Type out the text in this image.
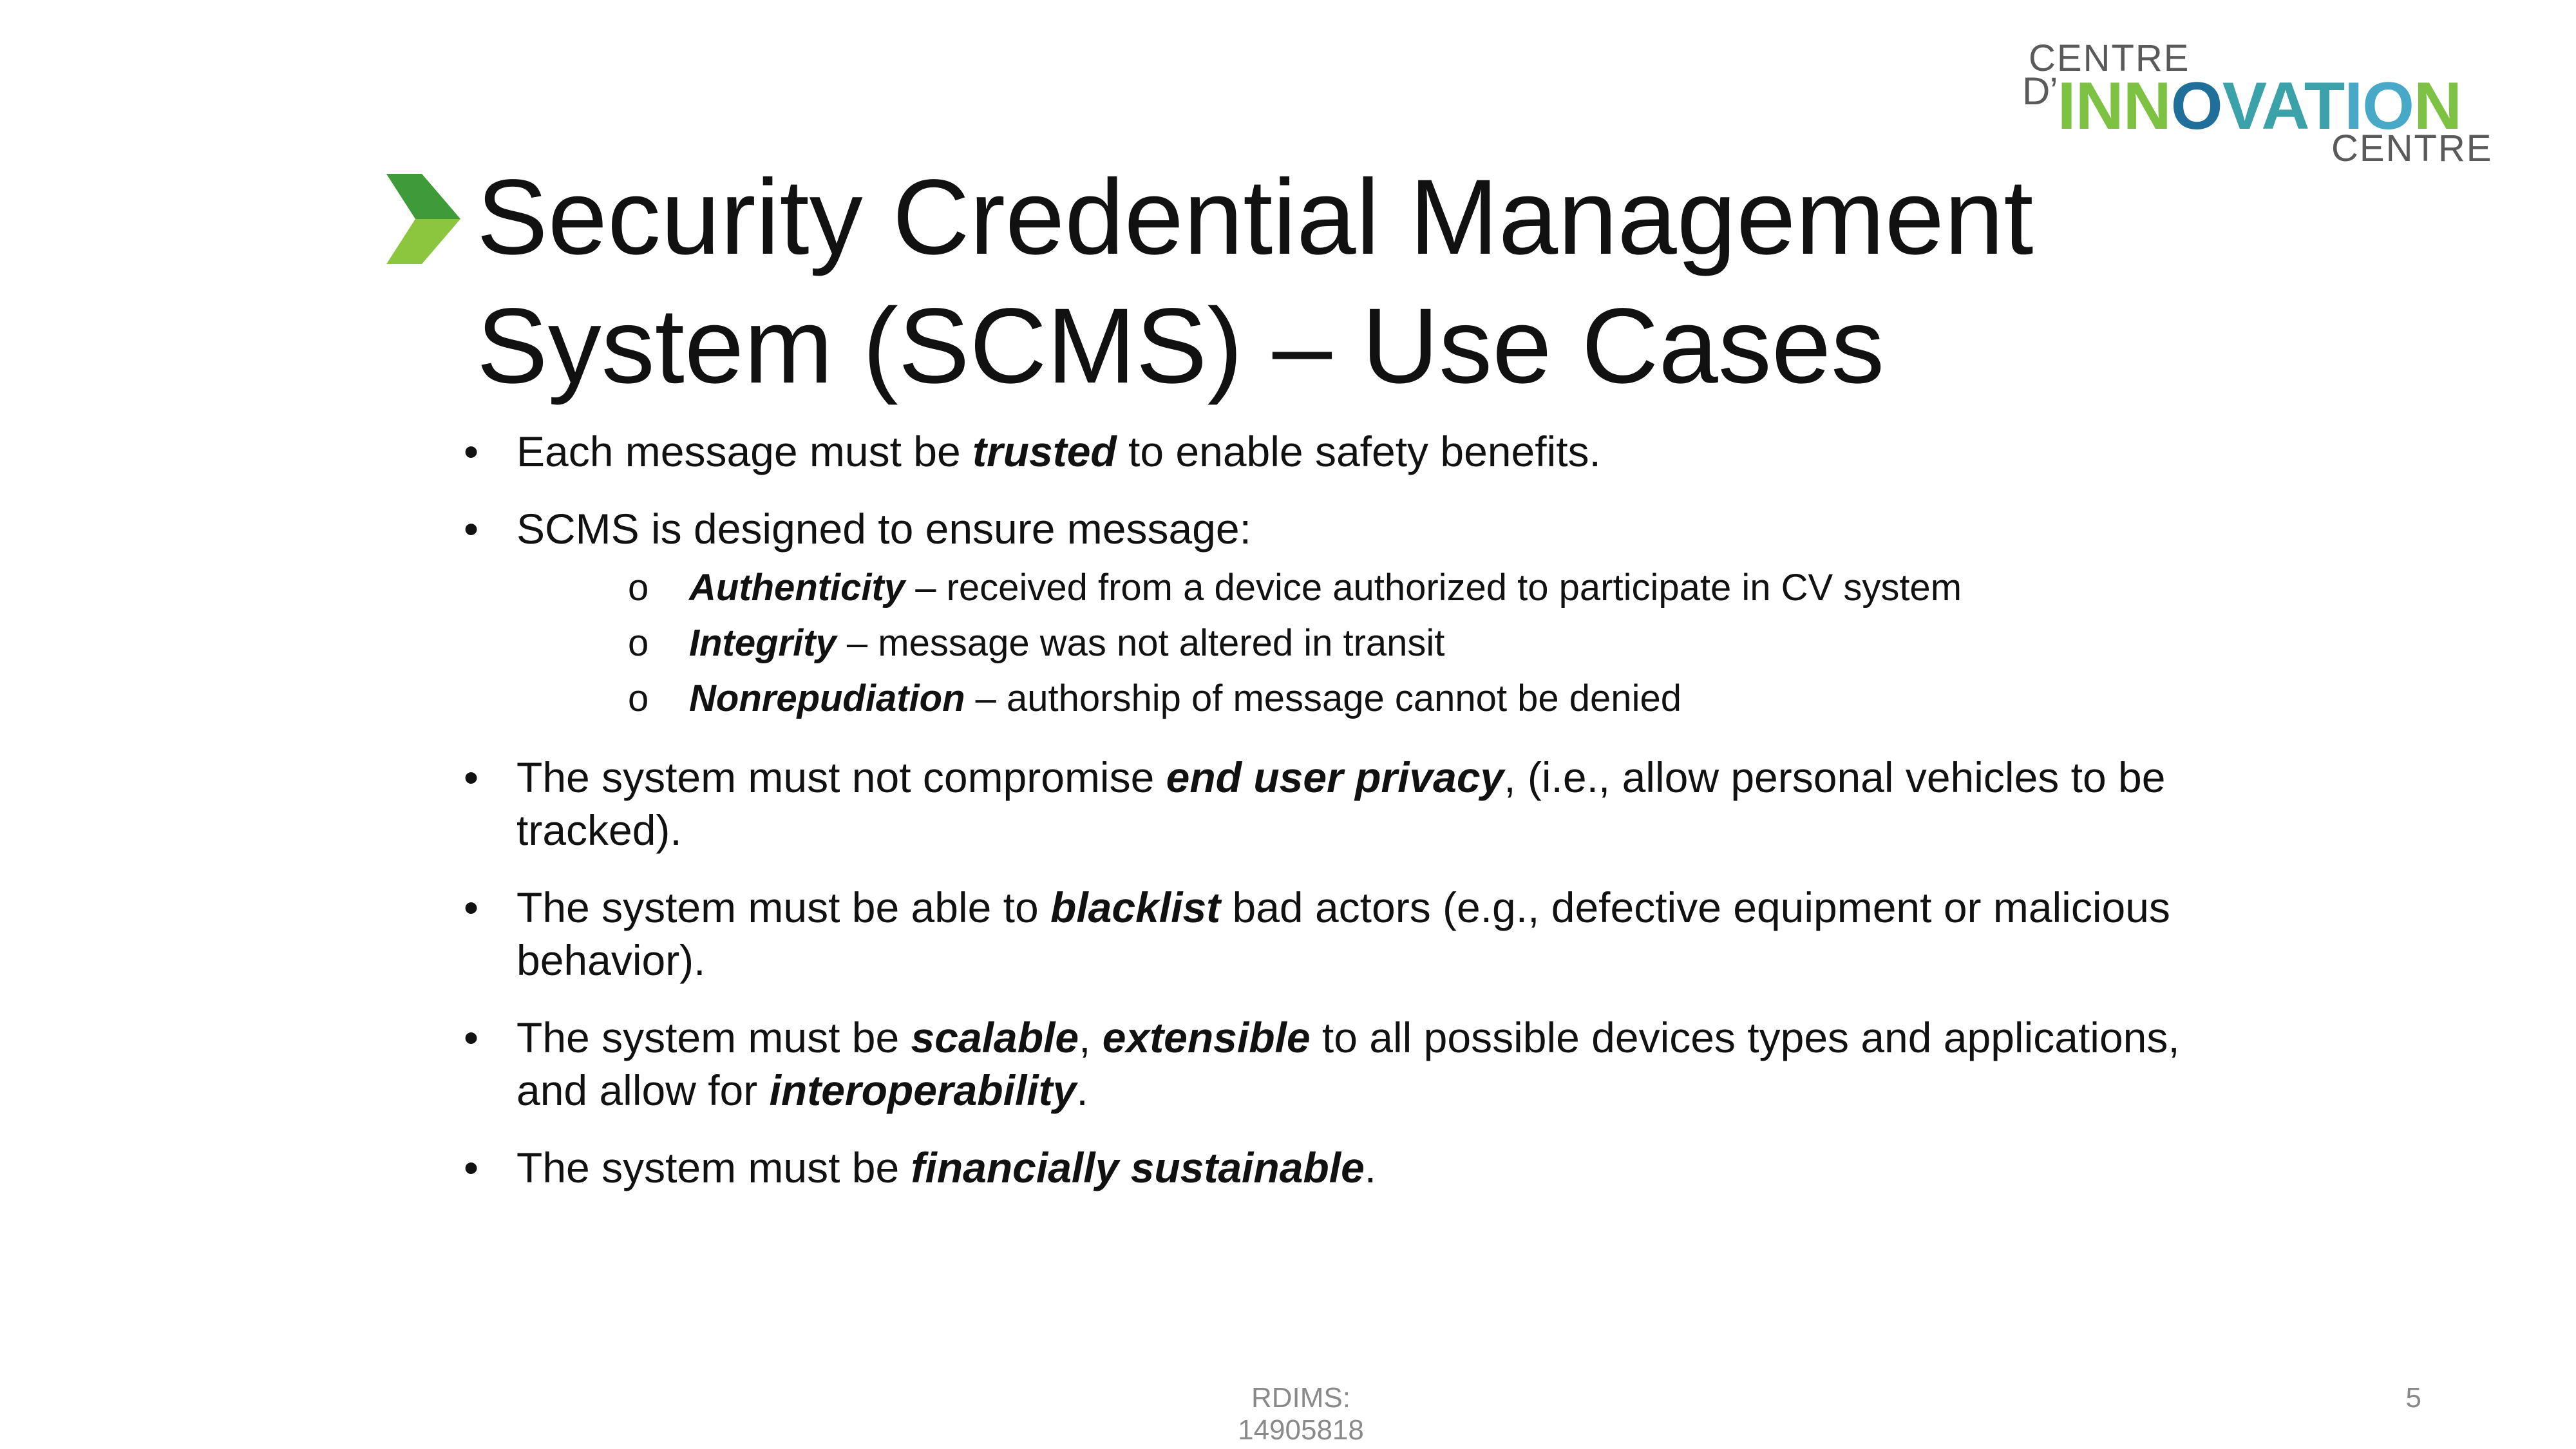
CENTRE
$^{D’}$INNOVATION
CENTRE
Security Credential Management
System (SCMS) – Use Cases
• Each message must be trusted to enable safety benefits.
• SCMS is designed to ensure message:
o Authenticity – received from a device authorized to participate in CV system
o Integrity – message was not altered in transit
o Nonrepudiation – authorship of message cannot be denied
• The system must not compromise end user privacy, (i.e., allow personal vehicles to be tracked).
• The system must be able to blacklist bad actors (e.g., defective equipment or malicious behavior).
• The system must be scalable, extensible to all possible devices types and applications, and allow for interoperability.
• The system must be financially sustainable.
RDIMS: 14905818
5
